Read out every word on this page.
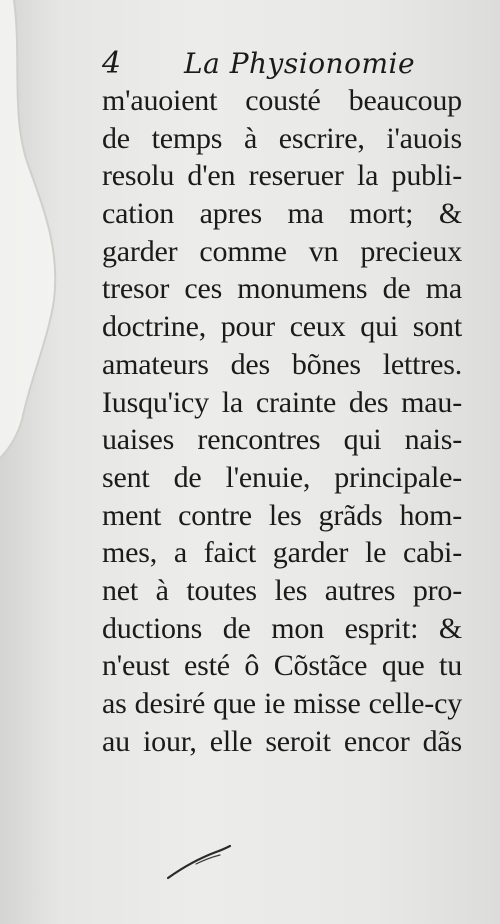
4 La Physionomie
m'auoient cousté beaucoup
de temps à escrire, i'auois
resolu d'en reseruer la publi-
cation apres ma mort; &
garder comme vn precieux
tresor ces monumens de ma
doctrine, pour ceux qui sont
amateurs des bõnes lettres.
Iusqu'icy la crainte des mau-
uaises rencontres qui nais-
sent de l'enuie, principale-
ment contre les grãds hom-
mes, a faict garder le cabi-
net à toutes les autres pro-
ductions de mon esprit: &
n'eust esté ô Cõstãce que tu
as desiré que ie misse celle-cy
au iour, elle seroit encor dãs
